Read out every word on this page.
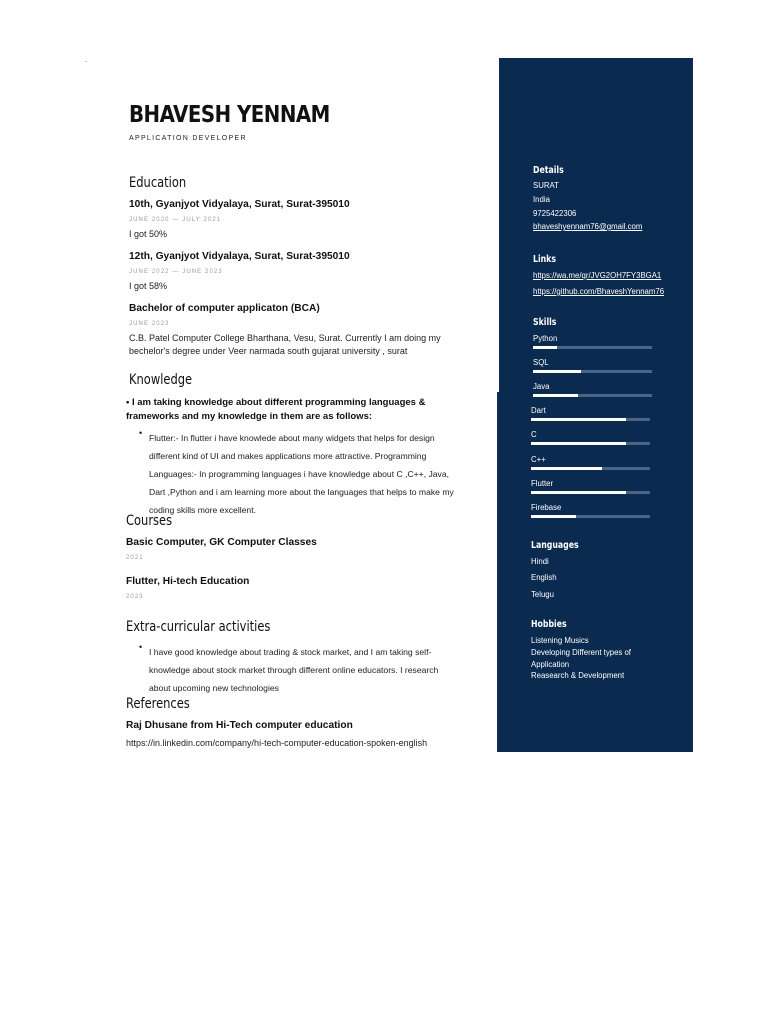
.
BHAVESH YENNAM
APPLICATION DEVELOPER
Education
10th, Gyanjyot Vidyalaya, Surat, Surat-395010
JUNE 2020 — JULY 2021
I got 50%
12th, Gyanjyot Vidyalaya, Surat, Surat-395010
JUNE 2022 — JUNE 2023
I got 58%
Bachelor of computer applicaton (BCA)
JUNE 2023
C.B. Patel Computer College Bharthana, Vesu, Surat. Currently I am doing my bechelor's degree under Veer narmada south gujarat university , surat
Knowledge
• I am taking knowledge about different programming languages & frameworks and my knowledge in them are as follows:
• Flutter:- In flutter i have knowlede about many widgets that helps for design different kind of UI and makes applications more attractive. Programming Languages:- In programming languages i have knowledge about C ,C++, Java, Dart ,Python and i am learning more about the languages that helps to make my coding skills more excellent.
Courses
Basic Computer, GK Computer Classes
2021
Flutter, Hi-tech Education
2023
Extra-curricular activities
• I have good knowledge about trading & stock market, and I am taking self-knowledge about stock market through different online educators. I research about upcoming new technologies
References
Raj Dhusane from Hi-Tech computer education
https://in.linkedin.com/company/hi-tech-computer-education-spoken-english
Details
SURAT
India
9725422306
bhaveshyennam76@gmail.com
Links
https://wa.me/qr/JVG2OH7FY3BGA1
https://github.com/BhaveshYennam76
Skills
Python
SQL
Java
Dart
C
C++
Flutter
Firebase
Languages
Hindi
English
Telugu
Hobbies
Listening Musics
Developing Different types of
Application
Reasearch & Development
